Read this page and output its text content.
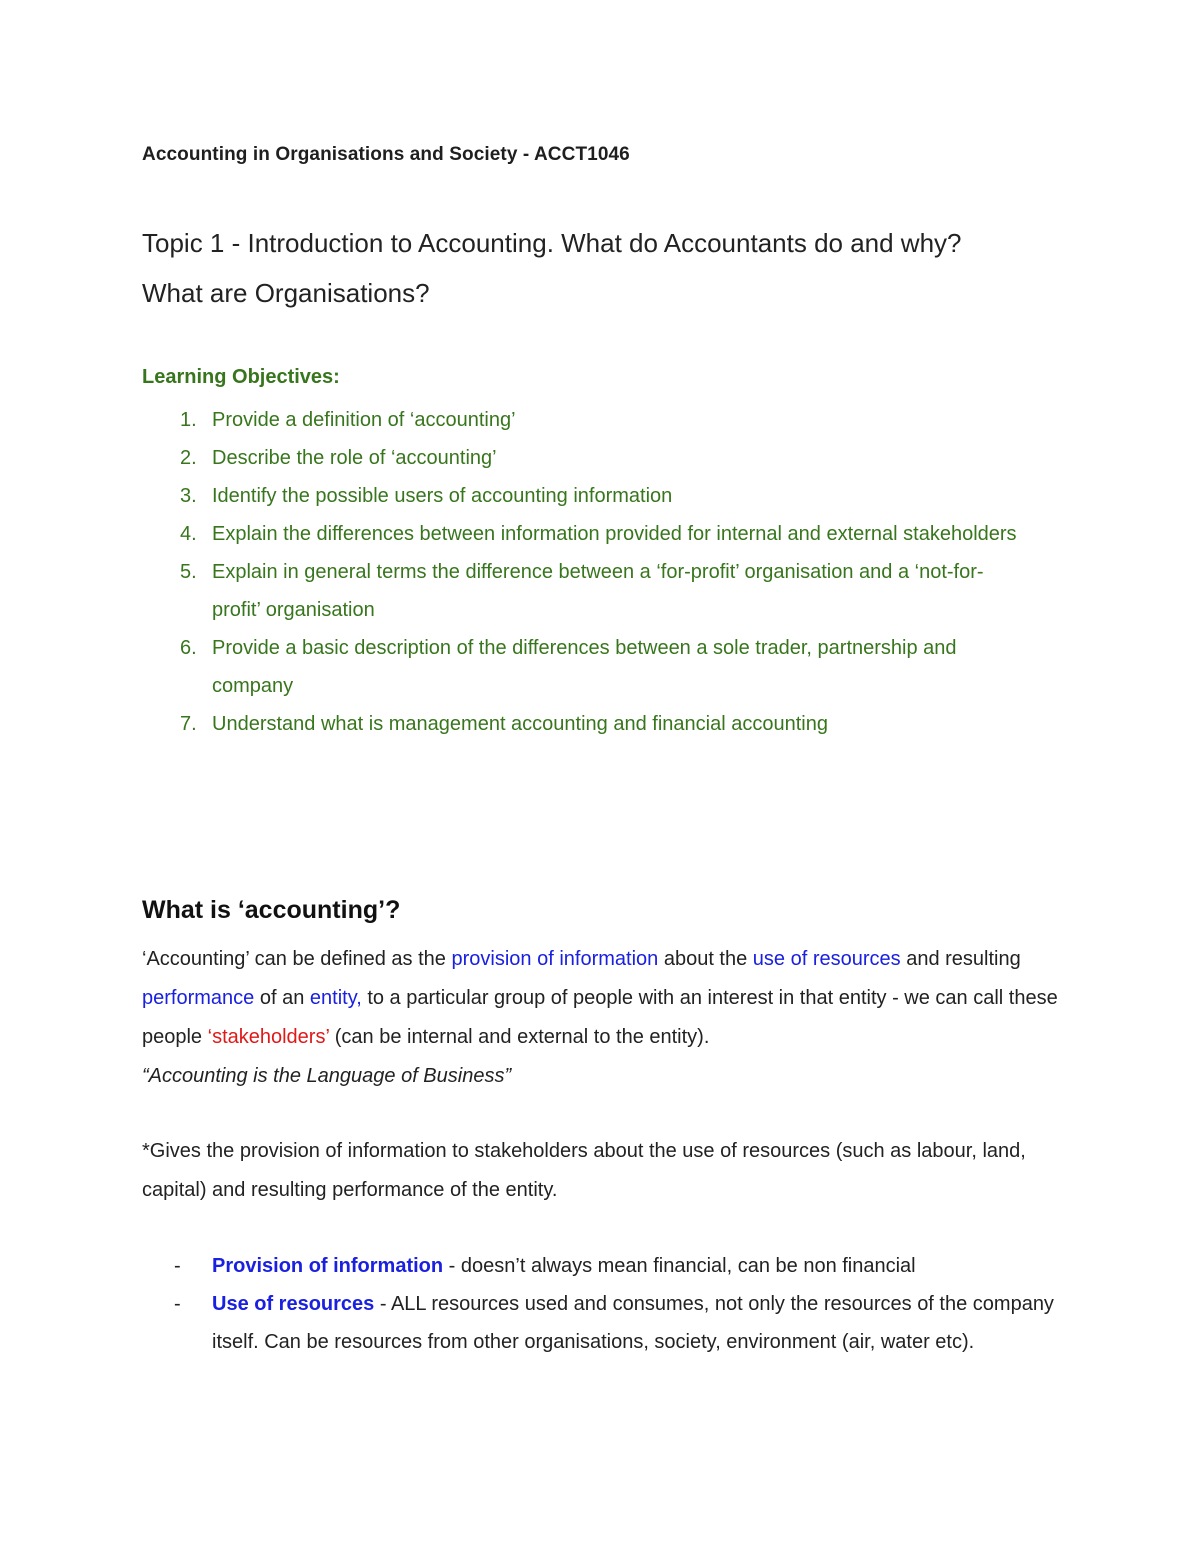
Accounting in Organisations and Society - ACCT1046
Topic 1 - Introduction to Accounting. What do Accountants do and why?
What are Organisations?
Learning Objectives:
1. Provide a definition of ‘accounting’
2. Describe the role of ‘accounting’
3. Identify the possible users of accounting information
4. Explain the differences between information provided for internal and external stakeholders
5. Explain in general terms the difference between a ‘for-profit’ organisation and a ‘not-for-profit’ organisation
6. Provide a basic description of the differences between a sole trader, partnership and company
7. Understand what is management accounting and financial accounting
What is ‘accounting’?
‘Accounting’ can be defined as the provision of information about the use of resources and resulting performance of an entity, to a particular group of people with an interest in that entity - we can call these people ‘stakeholders’ (can be internal and external to the entity).
“Accounting is the Language of Business”
*Gives the provision of information to stakeholders about the use of resources (such as labour, land, capital) and resulting performance of the entity.
-	Provision of information - doesn’t always mean financial, can be non financial
-	Use of resources - ALL resources used and consumes, not only the resources of the company itself. Can be resources from other organisations, society, environment (air, water etc).
